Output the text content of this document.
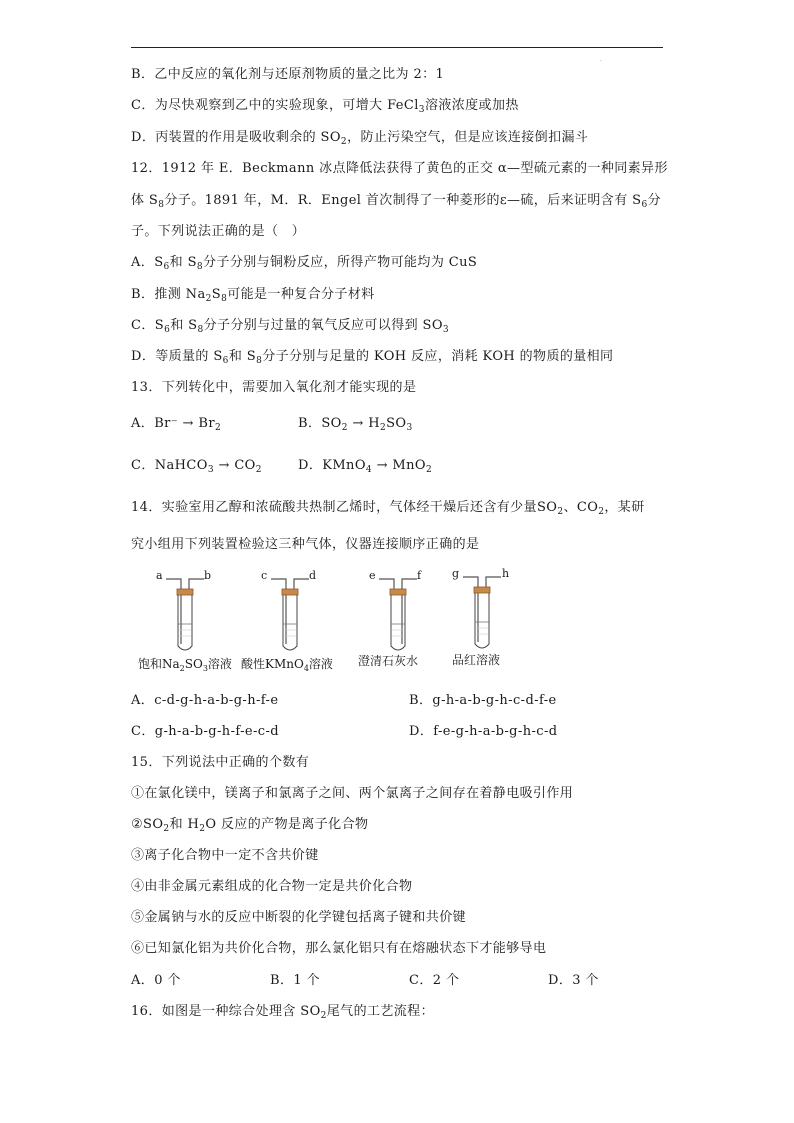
·
B．乙中反应的氧化剂与还原剂物质的量之比为 2：1
C．为尽快观察到乙中的实验现象，可增大 FeCl$_3$溶液浓度或加热
D．丙装置的作用是吸收剩余的 $SO_2$，防止污染空气，但是应该连接倒扣漏斗
12．1912 年 E．Beckmann 冰点降低法获得了黄色的正交 α—型硫元素的一种同素异形
体 $S_8$分子。1891 年，M．R．Engel 首次制得了一种菱形的ε—硫，后来证明含有 $S_6$分
子。下列说法正确的是（　）
A．$S_6$和 $S_8$分子分别与铜粉反应，所得产物可能均为 CuS
B．推测 $Na_2S_8$可能是一种复合分子材料
C．$S_6$和 $S_8$分子分别与过量的氧气反应可以得到 $SO_3$
D．等质量的 $S_6$和 $S_8$分子分别与足量的 KOH 反应，消耗 KOH 的物质的量相同
13．下列转化中，需要加入氧化剂才能实现的是
A．$Br^- \to Br_2$	B．$SO_2 \to H_2SO_3$
C．NaHCO$_3$ → $CO_2$	D．KMnO$_4$ → MnO$_2$
14．实验室用乙醇和浓硫酸共热制乙烯时，气体经干燥后还含有少量$SO_2$、$CO_2$，某研
究小组用下列装置检验这三种气体，仪器连接顺序正确的是
a	b
饱和$Na_2SO_3$溶液
c	d
酸性KMnO$_4$溶液
e	f
澄清石灰水
g	h
品红溶液
A．c-d-g-h-a-b-g-h-f-e	B．g-h-a-b-g-h-c-d-f-e
C．g-h-a-b-g-h-f-e-c-d	D．f-e-g-h-a-b-g-h-c-d
15．下列说法中正确的个数有
①在氯化镁中，镁离子和氯离子之间、两个氯离子之间存在着静电吸引作用
$②SO_2$和 $H_2O$ 反应的产物是离子化合物
③离子化合物中一定不含共价键
④由非金属元素组成的化合物一定是共价化合物
⑤金属钠与水的反应中断裂的化学键包括离子键和共价键
⑥已知氯化铝为共价化合物，那么氯化铝只有在熔融状态下才能够导电
A．0 个	B．1 个	C．2 个	D．3 个
16．如图是一种综合处理含 $SO_2$尾气的工艺流程：
